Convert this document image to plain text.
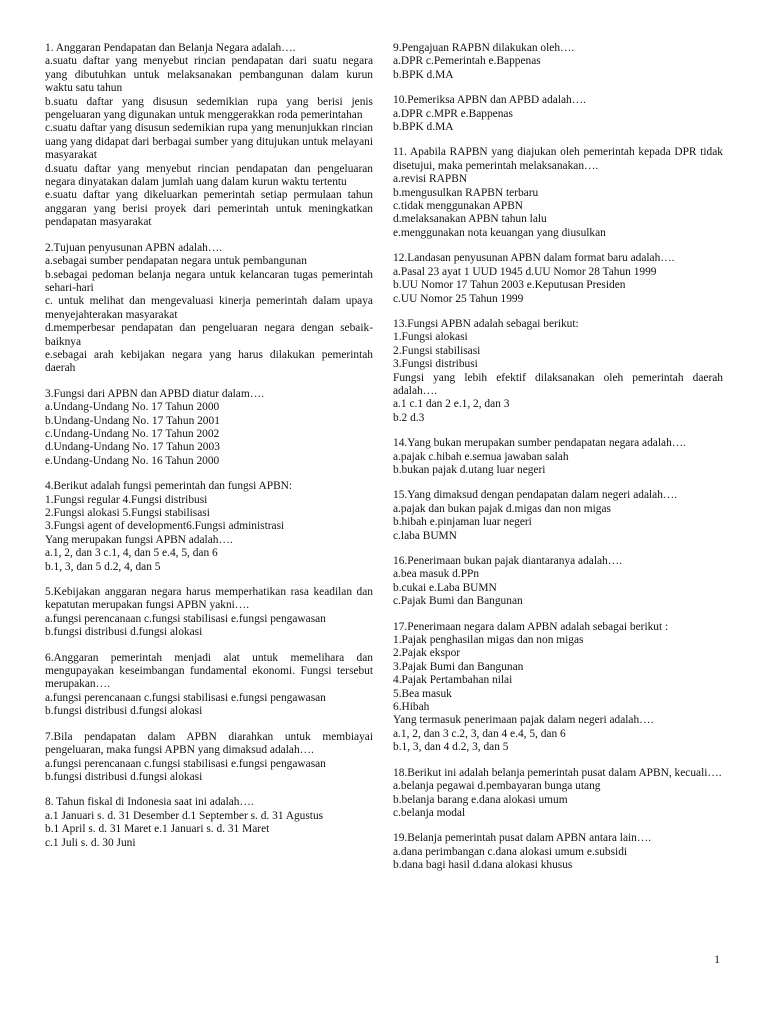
1. Anggaran Pendapatan dan Belanja Negara adalah….

a.suatu daftar yang menyebut rincian pendapatan dari suatu negara yang dibutuhkan untuk melaksanakan pembangunan dalam kurun waktu satu tahun

b.suatu daftar yang disusun sedemikian rupa yang berisi jenis pengeluaran yang digunakan untuk menggerakkan roda pemerintahan

c.suatu daftar yang disusun sedemikian rupa yang menunjukkan rincian uang yang didapat dari berbagai sumber yang ditujukan untuk melayani masyarakat

d.suatu daftar yang menyebut rincian pendapatan dan pengeluaran negara dinyatakan dalam jumlah uang dalam kurun waktu tertentu

e.suatu daftar yang dikeluarkan pemerintah setiap permulaan tahun anggaran yang berisi proyek dari pemerintah untuk meningkatkan pendapatan masyarakat

2.Tujuan penyusunan APBN adalah….

a.sebagai sumber pendapatan negara untuk pembangunan

b.sebagai pedoman belanja negara untuk kelancaran tugas pemerintah sehari-hari

c. untuk melihat dan mengevaluasi kinerja pemerintah dalam upaya menyejahterakan masyarakat

d.memperbesar pendapatan dan pengeluaran negara dengan sebaik-baiknya

e.sebagai arah kebijakan negara yang harus dilakukan pemerintah daerah

3.Fungsi dari APBN dan APBD diatur dalam….

a.Undang-Undang No. 17 Tahun 2000

b.Undang-Undang No. 17 Tahun 2001

c.Undang-Undang No. 17 Tahun 2002

d.Undang-Undang No. 17 Tahun 2003

e.Undang-Undang No. 16 Tahun 2000

4.Berikut adalah fungsi pemerintah dan fungsi APBN:

1.Fungsi regular 4.Fungsi distribusi

2.Fungsi alokasi 5.Fungsi stabilisasi

3.Fungsi agent of development6.Fungsi administrasi

Yang merupakan fungsi APBN adalah….

a.1, 2, dan 3 c.1, 4, dan 5 e.4, 5, dan 6

b.1, 3, dan 5 d.2, 4, dan 5

5.Kebijakan anggaran negara harus memperhatikan rasa keadilan dan kepatutan merupakan fungsi APBN yakni….

a.fungsi perencanaan c.fungsi stabilisasi e.fungsi pengawasan

b.fungsi distribusi d.fungsi alokasi

6.Anggaran pemerintah menjadi alat untuk memelihara dan mengupayakan keseimbangan fundamental ekonomi. Fungsi tersebut merupakan….

a.fungsi perencanaan c.fungsi stabilisasi e.fungsi pengawasan

b.fungsi distribusi d.fungsi alokasi

7.Bila pendapatan dalam APBN diarahkan untuk membiayai pengeluaran, maka fungsi APBN yang dimaksud adalah….

a.fungsi perencanaan c.fungsi stabilisasi e.fungsi pengawasan

b.fungsi distribusi d.fungsi alokasi

8. Tahun fiskal di Indonesia saat ini adalah….

a.1 Januari s. d. 31 Desember d.1 September s. d. 31 Agustus

b.1 April s. d. 31 Maret e.1 Januari s. d. 31 Maret

c.1 Juli s. d. 30 Juni

9.Pengajuan RAPBN dilakukan oleh….

a.DPR c.Pemerintah e.Bappenas

b.BPK d.MA

10.Pemeriksa APBN dan APBD adalah….

a.DPR c.MPR e.Bappenas

b.BPK d.MA

11. Apabila RAPBN yang diajukan oleh pemerintah kepada DPR tidak disetujui, maka pemerintah melaksanakan….

a.revisi RAPBN

b.mengusulkan RAPBN terbaru

c.tidak menggunakan APBN

d.melaksanakan APBN tahun lalu

e.menggunakan nota keuangan yang diusulkan

12.Landasan penyusunan APBN dalam format baru adalah….

a.Pasal 23 ayat 1 UUD 1945 d.UU Nomor 28 Tahun 1999

b.UU Nomor 17 Tahun 2003 e.Keputusan Presiden

c.UU Nomor 25 Tahun 1999

13.Fungsi APBN adalah sebagai berikut:

1.Fungsi alokasi

2.Fungsi stabilisasi

3.Fungsi distribusi

Fungsi yang lebih efektif dilaksanakan oleh pemerintah daerah adalah….

a.1 c.1 dan 2 e.1, 2, dan 3

b.2 d.3

14.Yang bukan merupakan sumber pendapatan negara adalah….

a.pajak c.hibah e.semua jawaban salah

b.bukan pajak d.utang luar negeri

15.Yang dimaksud dengan pendapatan dalam negeri adalah….

a.pajak dan bukan pajak d.migas dan non migas

b.hibah e.pinjaman luar negeri

c.laba BUMN

16.Penerimaan bukan pajak diantaranya adalah….

a.bea masuk d.PPn

b.cukai e.Laba BUMN

c.Pajak Bumi dan Bangunan

17.Penerimaan negara dalam APBN adalah sebagai berikut :

1.Pajak penghasilan migas dan non migas

2.Pajak ekspor

3.Pajak Bumi dan Bangunan

4.Pajak Pertambahan nilai

5.Bea masuk

6.Hibah

Yang termasuk penerimaan pajak dalam negeri adalah….

a.1, 2, dan 3 c.2, 3, dan 4 e.4, 5, dan 6

b.1, 3, dan 4 d.2, 3, dan 5

18.Berikut ini adalah belanja pemerintah pusat dalam APBN, kecuali….

a.belanja pegawai d.pembayaran bunga utang

b.belanja barang e.dana alokasi umum

c.belanja modal

19.Belanja pemerintah pusat dalam APBN antara lain….

a.dana perimbangan c.dana alokasi umum e.subsidi

b.dana bagi hasil d.dana alokasi khusus

1
